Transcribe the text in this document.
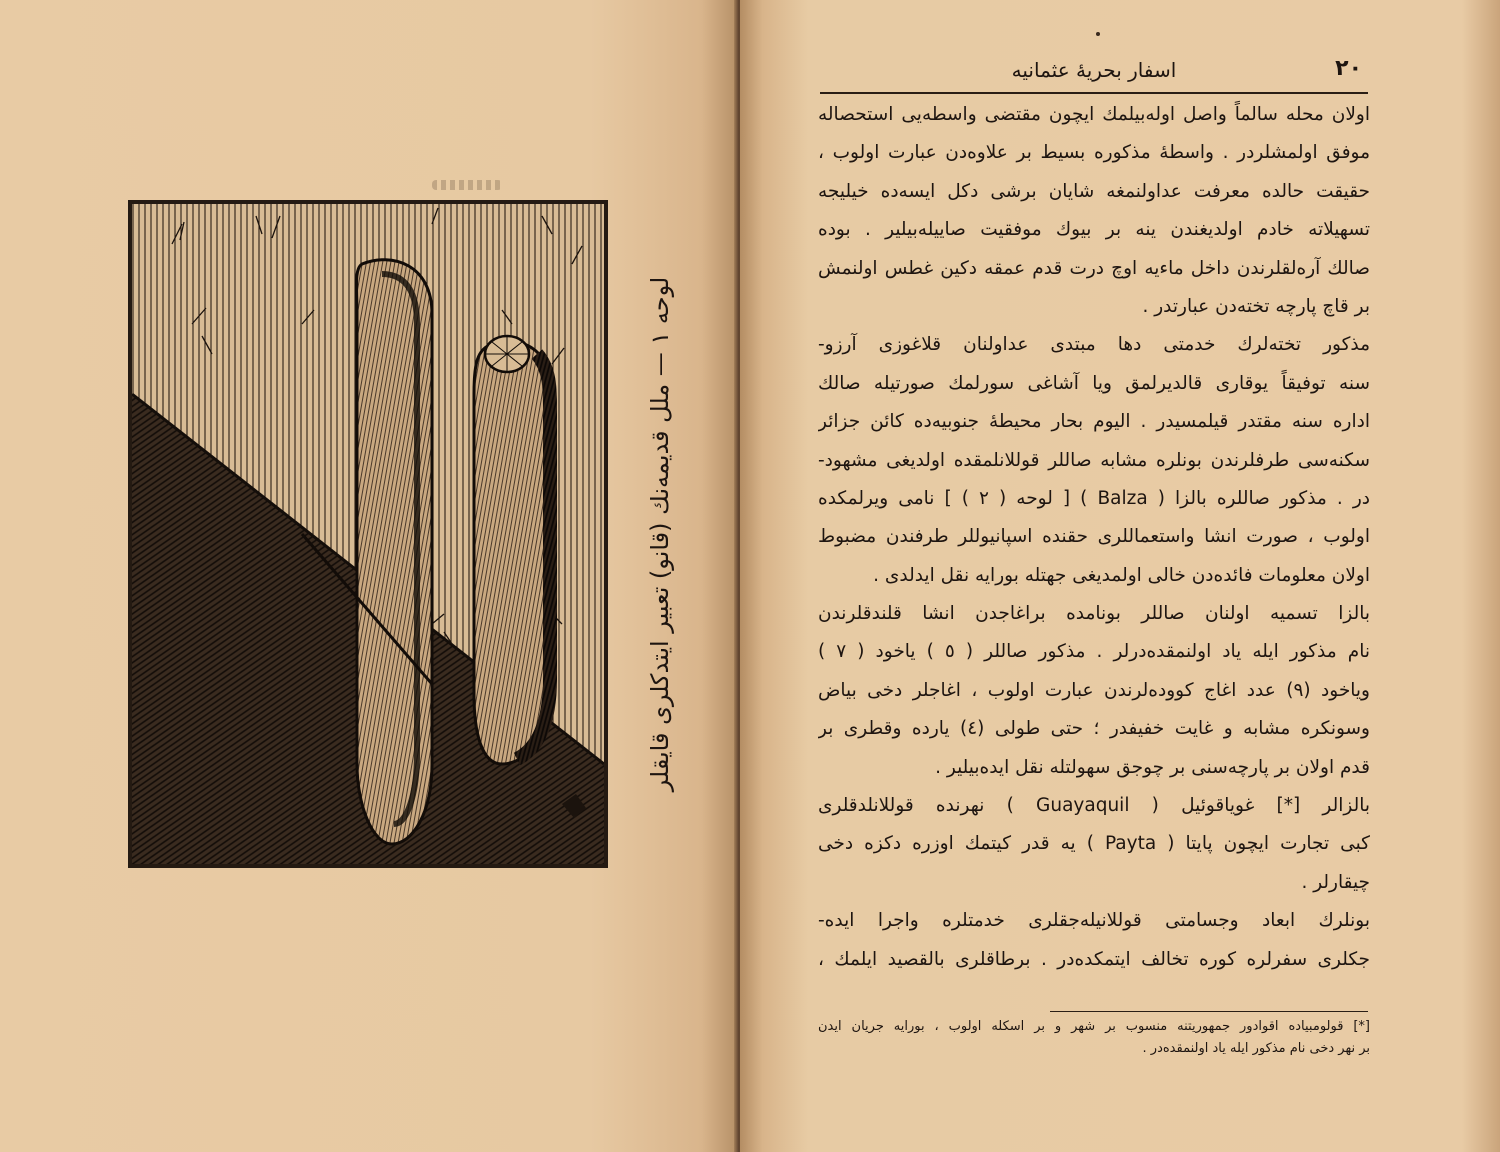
لوحه ١ — ملل قديمه‌نك (قانو) تعبير ايتدكلرى قايقلر
٢٠
اسفار بحريهٔ عثمانيه
اولان محله سالماً واصل اوله‌بيلمك ايچون مقتضى واسطه‌يى استحصاله
موفق اولمشلردر . واسطهٔ مذكوره بسيط بر علاوه‌دن عبارت اولوب ،
حقيقت حالده معرفت عداولنمغه شايان برشى دكل ايسه‌ده خيليجه
تسهيلاته خادم اولديغندن ينه بر بيوك موفقيت صاييله‌بيلير . بوده
صالك آره‌لقلرندن داخل ماءيه اوچ درت قدم عمقه دكين غطس اولنمش
بر قاچ پارچه تخته‌دن عبارتدر .
مذكور تخته‌لرك خدمتى دها مبتدى عداولنان قلاغوزى آرزو-
سنه توفيقاً يوقارى قالديرلمق ويا آشاغى سورلمك صورتيله صالك
اداره سنه مقتدر قيلمسيدر . اليوم بحار محيطهٔ جنوبيه‌ده كائن جزائر
سكنه‌سى طرفلرندن بونلره مشابه صاللر قوللانلمقده اولديغى مشهود-
در . مذكور صاللره بالزا ( Balza ) [ لوحه ( ٢ ) ] نامى ويرلمكده
اولوب ، صورت انشا واستعماللرى حقنده اسپانيوللر طرفندن مضبوط
اولان معلومات فائده‌دن خالى اولمديغى جهتله بورايه نقل ايدلدى .
بالزا تسميه اولنان صاللر بونامده براغاجدن انشا قلندقلرندن
نام مذكور ايله ياد اولنمقده‌درلر . مذكور صاللر ( ٥ ) ياخود ( ٧ )
وياخود (٩) عدد اغاج كووده‌لرندن عبارت اولوب ، اغاجلر دخى بياض
وسونكره مشابه و غايت خفيفدر ؛ حتى طولى (٤) يارده وقطرى بر
قدم اولان بر پارچه‌سنى بر چوجق سهولتله نقل ايده‌بيلير .
بالزالر [*] غوياقوئيل ( Guayaquil ) نهرنده قوللانلدقلرى
كبى تجارت ايچون پايتا ( Payta ) يه قدر كيتمك اوزره دكزه دخى
چيقارلر .
بونلرك ابعاد وجسامتى قوللانيله‌جقلرى خدمتلره واجرا ايده-
جكلرى سفرلره كوره تخالف ايتمكده‌در . برطاقلرى بالقصيد ايلمك ،
[*] قولومبياده اقوادور جمهوريتنه منسوب بر شهر و بر اسكله اولوب ، بورايه جريان ايدن
بر نهر دخى نام مذكور ايله ياد اولنمقده‌در .
